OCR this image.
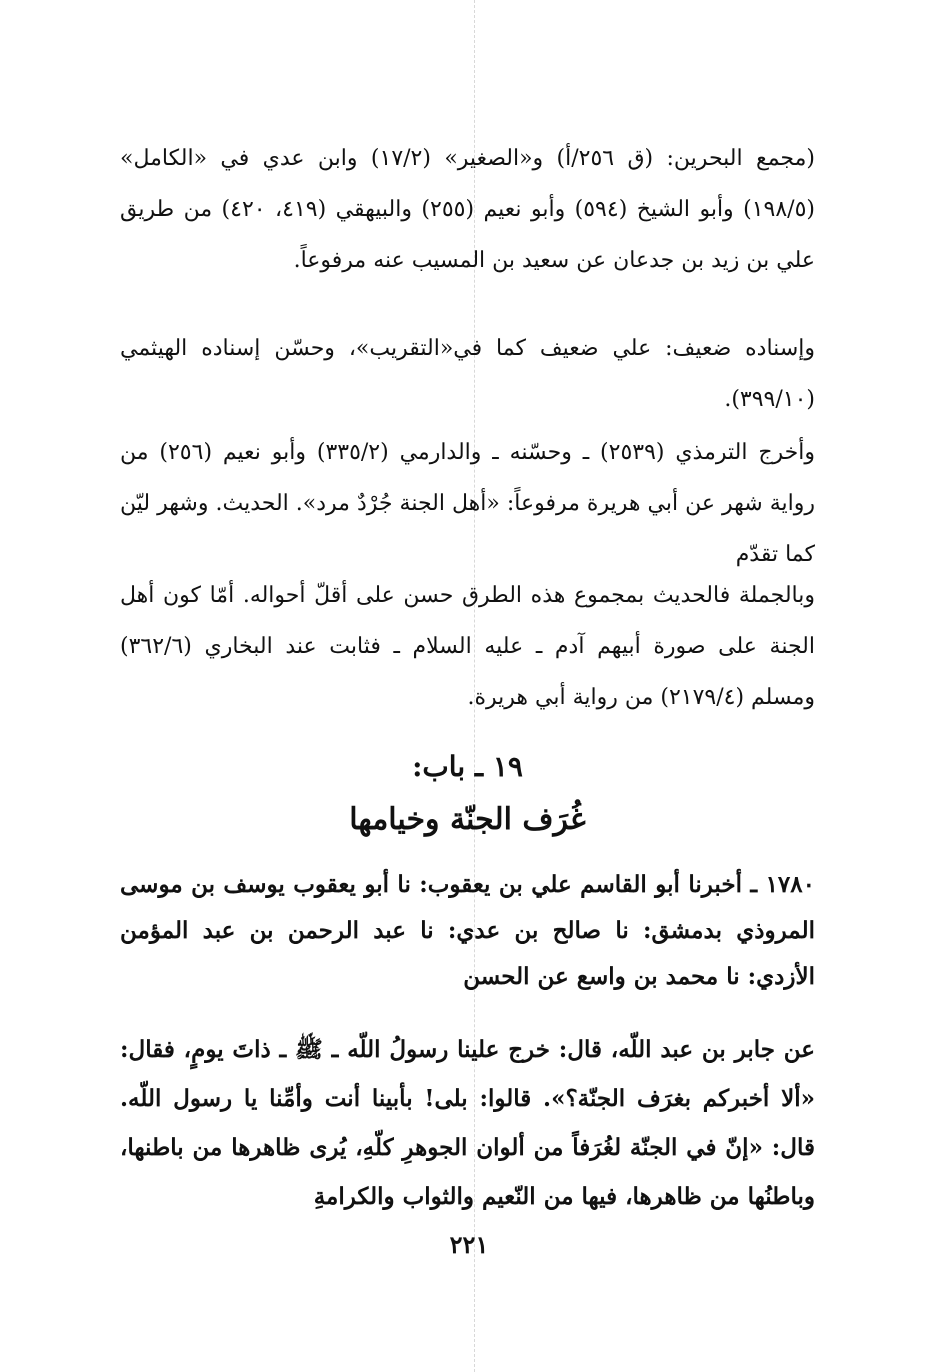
(مجمع البحرين: (ق ٢٥٦/أ) و«الصغير» (١٧/٢) وابن عدي في «الكامل» (١٩٨/٥) وأبو الشيخ (٥٩٤) وأبو نعيم (٢٥٥) والبيهقي (٤١٩، ٤٢٠) من طريق علي بن زيد بن جدعان عن سعيد بن المسيب عنه مرفوعاً.

وإسناده ضعيف: علي ضعيف كما في«التقريب»، وحسّن إسناده الهيثمي (٣٩٩/١٠).

وأخرج الترمذي (٢٥٣٩) ـ وحسّنه ـ والدارمي (٣٣٥/٢) وأبو نعيم (٢٥٦) من رواية شهر عن أبي هريرة مرفوعاً: «أهل الجنة جُرْدٌ مرد». الحديث. وشهر ليّن كما تقدّم

وبالجملة فالحديث بمجموع هذه الطرق حسن على أقلّ أحواله. أمّا كون أهل الجنة على صورة أبيهم آدم ـ عليه السلام ـ فثابت عند البخاري (٣٦٢/٦) ومسلم (٢١٧٩/٤) من رواية أبي هريرة.

١٩ ـ باب:
غُرَف الجنّة وخيامها

١٧٨٠ ـ أخبرنا أبو القاسم علي بن يعقوب: نا أبو يعقوب يوسف بن موسى المروذي بدمشق: نا صالح بن عدي: نا عبد الرحمن بن عبد المؤمن الأزدي: نا محمد بن واسع عن الحسن

عن جابر بن عبد اللّه، قال: خرج علينا رسولُ اللّه ـ ﷺ ـ ذاتَ يومٍ، فقال: «ألا أخبركم بغرَف الجنّة؟». قالوا: بلى! بأبينا أنت وأمِّنا يا رسول اللّه. قال: «إنّ في الجنّة لغُرَفاً من ألوان الجوهرِ كلّهِ، يُرى ظاهرها من باطنها، وباطنُها من ظاهرها، فيها من النّعيم والثواب والكرامةِ

٢٢١
